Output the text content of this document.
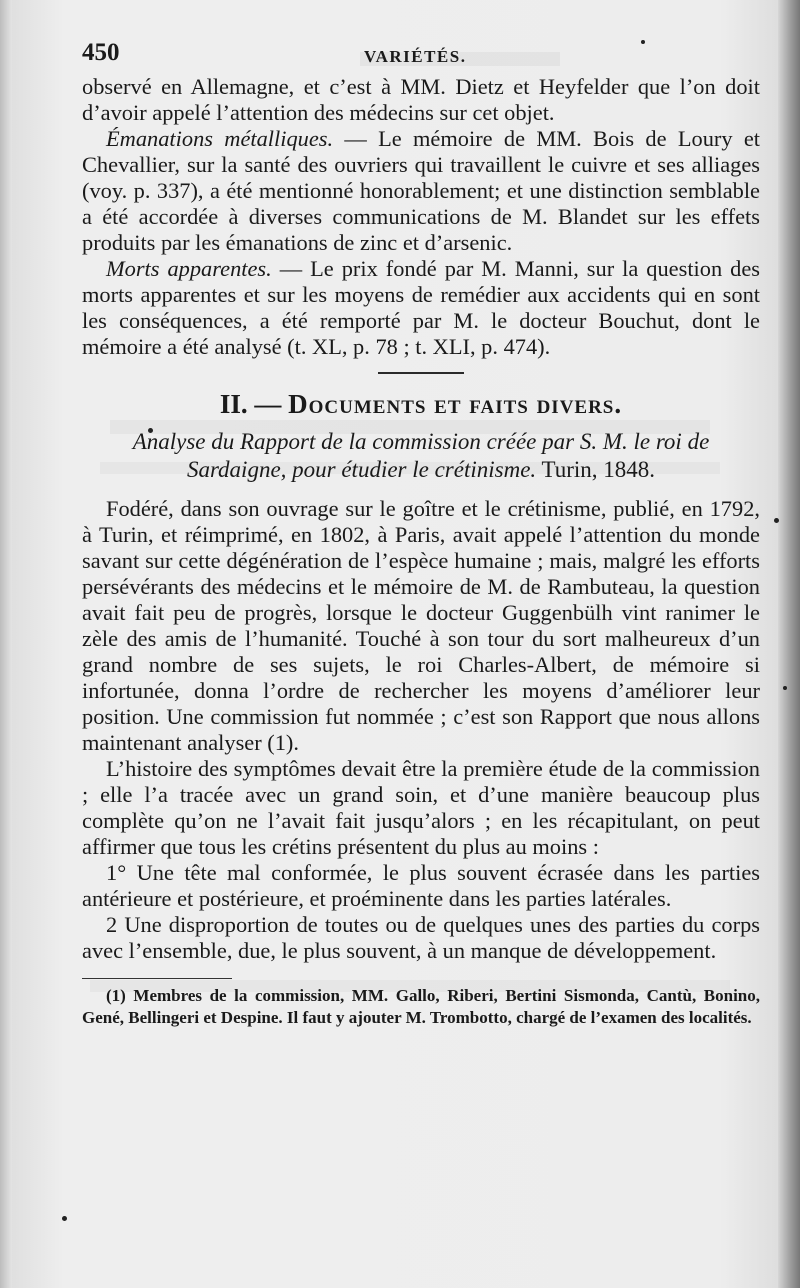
450	VARIÉTÉS.

observé en Allemagne, et c’est à MM. Dietz et Heyfelder que l’on doit d’avoir appelé l’attention des médecins sur cet objet.

Émanations métalliques. — Le mémoire de MM. Bois de Loury et Chevallier, sur la santé des ouvriers qui travaillent le cuivre et ses alliages (voy. p. 337), a été mentionné honorablement; et une distinction semblable a été accordée à diverses communications de M. Blandet sur les effets produits par les émanations de zinc et d’arsenic.

Morts apparentes. — Le prix fondé par M. Manni, sur la question des morts apparentes et sur les moyens de remédier aux accidents qui en sont les conséquences, a été remporté par M. le docteur Bouchut, dont le mémoire a été analysé (t. XL, p. 78 ; t. XLI, p. 474).

II. — Documents et faits divers.
Analyse du Rapport de la commission créée par S. M. le roi de Sardaigne, pour étudier le crétinisme. Turin, 1848.

Fodéré, dans son ouvrage sur le goître et le crétinisme, publié, en 1792, à Turin, et réimprimé, en 1802, à Paris, avait appelé l’attention du monde savant sur cette dégénération de l’espèce humaine ; mais, malgré les efforts persévérants des médecins et le mémoire de M. de Rambuteau, la question avait fait peu de progrès, lorsque le docteur Guggenbülh vint ranimer le zèle des amis de l’humanité. Touché à son tour du sort malheureux d’un grand nombre de ses sujets, le roi Charles-Albert, de mémoire si infortunée, donna l’ordre de rechercher les moyens d’améliorer leur position. Une commission fut nommée ; c’est son Rapport que nous allons maintenant analyser (1).

L’histoire des symptômes devait être la première étude de la commission ; elle l’a tracée avec un grand soin, et d’une manière beaucoup plus complète qu’on ne l’avait fait jusqu’alors ; en les récapitulant, on peut affirmer que tous les crétins présentent du plus au moins :

1° Une tête mal conformée, le plus souvent écrasée dans les parties antérieure et postérieure, et proéminente dans les parties latérales.

2 Une disproportion de toutes ou de quelques unes des parties du corps avec l’ensemble, due, le plus souvent, à un manque de développement.

(1) Membres de la commission, MM. Gallo, Riberi, Bertini Sismonda, Cantù, Bonino, Gené, Bellingeri et Despine. Il faut y ajouter M. Trombotto, chargé de l’examen des localités.
